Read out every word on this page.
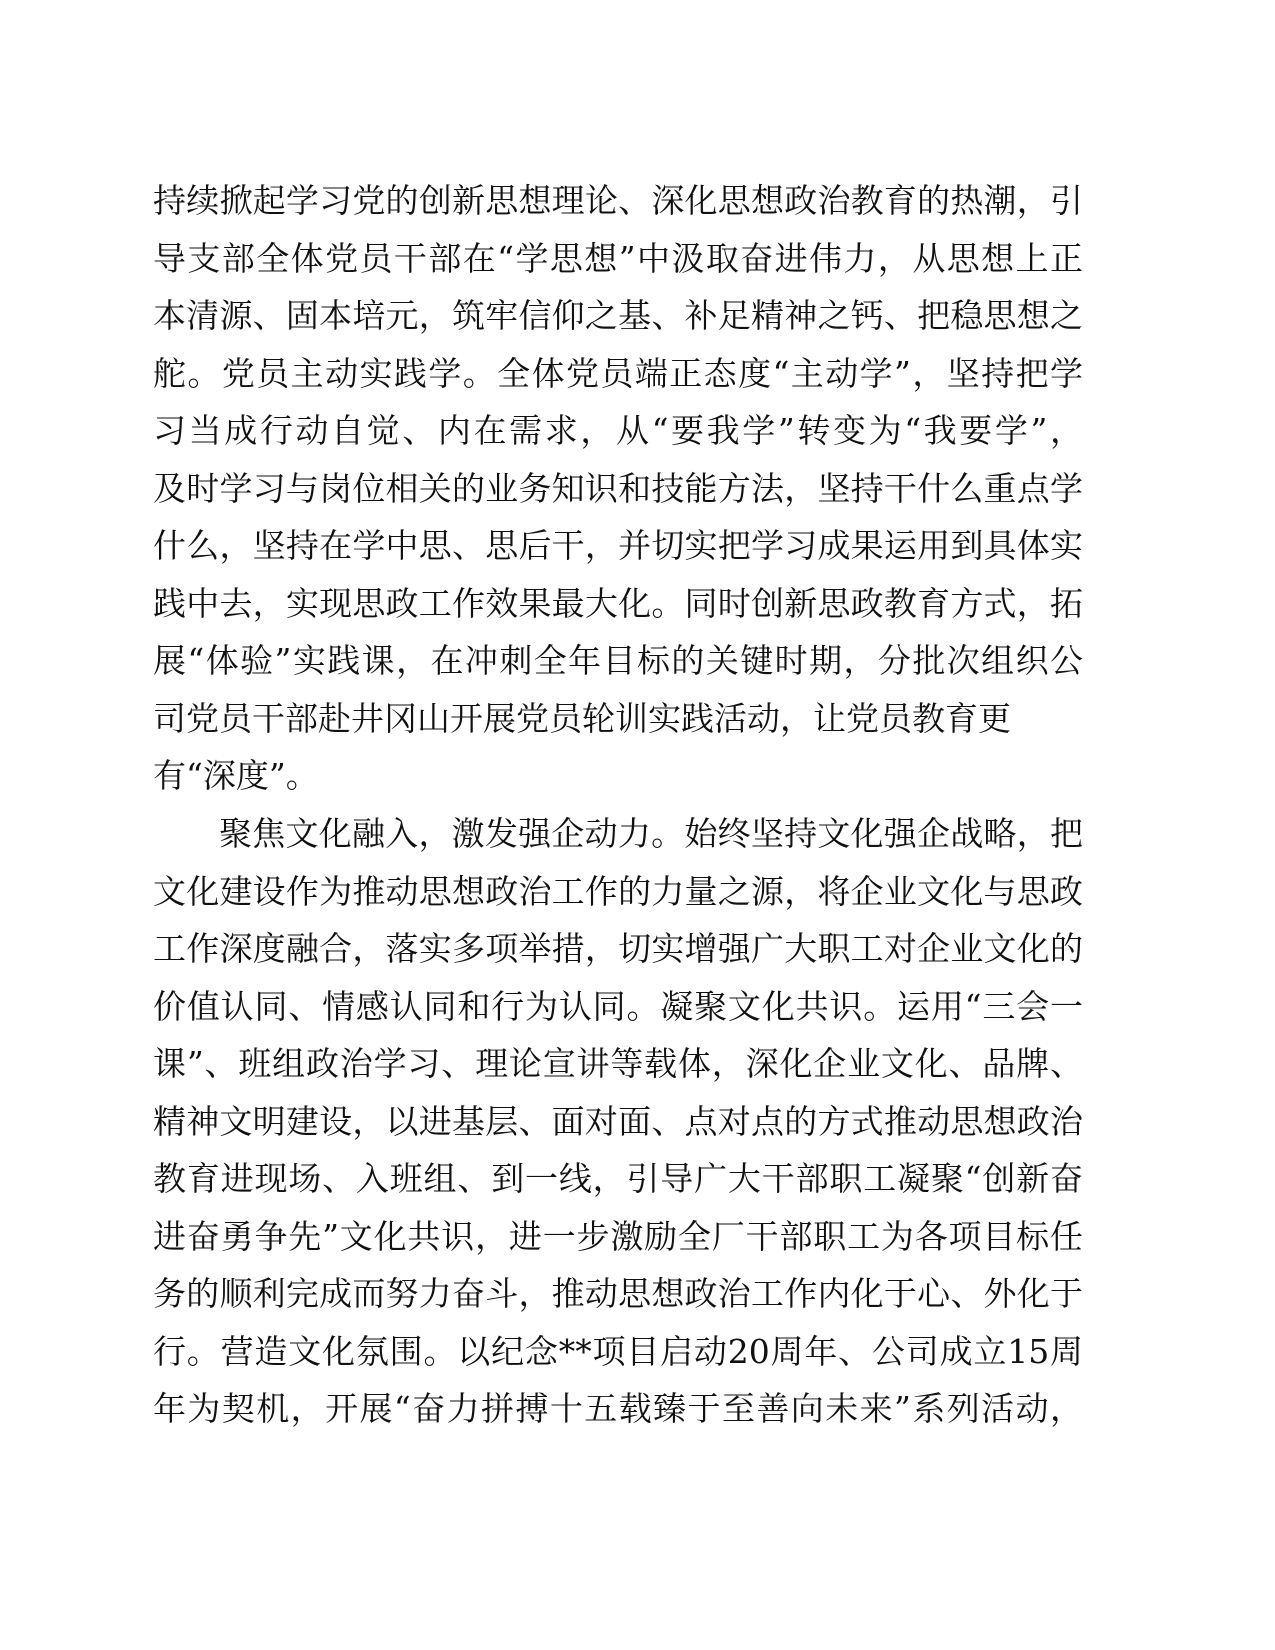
持续掀起学习党的创新思想理论、深化思想政治教育的热潮，引
导支部全体党员干部在“学思想”中汲取奋进伟力，从思想上正
本清源、固本培元，筑牢信仰之基、补足精神之钙、把稳思想之
舵。党员主动实践学。全体党员端正态度“主动学”，坚持把学
习当成行动自觉、内在需求，从“要我学”转变为“我要学”，
及时学习与岗位相关的业务知识和技能方法，坚持干什么重点学
什么，坚持在学中思、思后干，并切实把学习成果运用到具体实
践中去，实现思政工作效果最大化。同时创新思政教育方式，拓
展“体验”实践课，在冲刺全年目标的关键时期，分批次组织公
司党员干部赴井冈山开展党员轮训实践活动，让党员教育更
有“深度”。
聚焦文化融入，激发强企动力。始终坚持文化强企战略，把
文化建设作为推动思想政治工作的力量之源，将企业文化与思政
工作深度融合，落实多项举措，切实增强广大职工对企业文化的
价值认同、情感认同和行为认同。凝聚文化共识。运用“三会一
课”、班组政治学习、理论宣讲等载体，深化企业文化、品牌、
精神文明建设，以进基层、面对面、点对点的方式推动思想政治
教育进现场、入班组、到一线，引导广大干部职工凝聚“创新奋
进奋勇争先”文化共识，进一步激励全厂干部职工为各项目标任
务的顺利完成而努力奋斗，推动思想政治工作内化于心、外化于
行。营造文化氛围。以纪念**项目启动20周年、公司成立15周
年为契机，开展“奋力拼搏十五载臻于至善向未来”系列活动，
